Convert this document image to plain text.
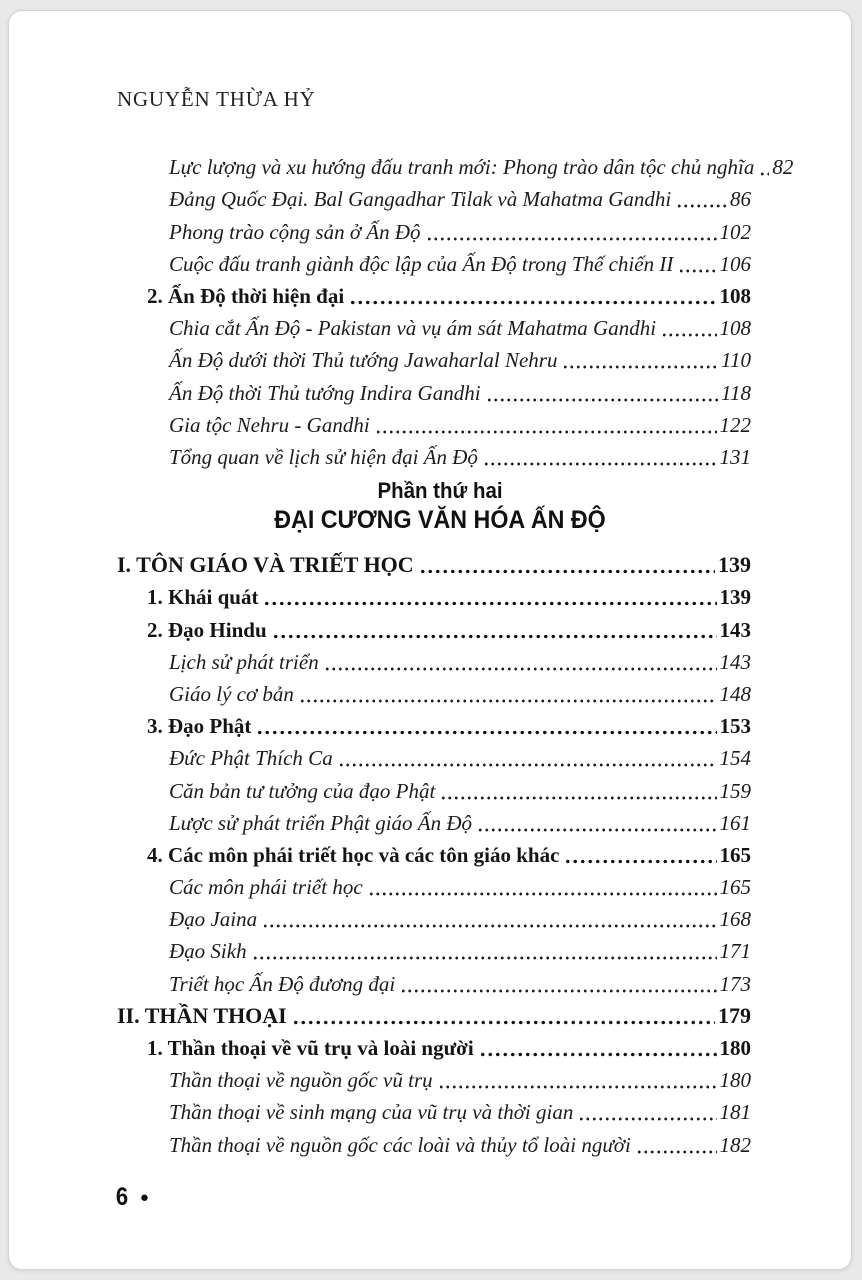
NGUYỄN THỪA HỶ
Lực lượng và xu hướng đấu tranh mới: Phong trào dân tộc chủ nghĩa 82
Đảng Quốc Đại. Bal Gangadhar Tilak và Mahatma Gandhi	86
Phong trào cộng sản ở Ấn Độ	102
Cuộc đấu tranh giành độc lập của Ấn Độ trong Thế chiến II 106
2. Ấn Độ thời hiện đại	108
Chia cắt Ấn Độ - Pakistan và vụ ám sát Mahatma Gandhi	108
Ấn Độ dưới thời Thủ tướng Jawaharlal Nehru	110
Ấn Độ thời Thủ tướng Indira Gandhi	118
Gia tộc Nehru - Gandhi	122
Tổng quan về lịch sử hiện đại Ấn Độ	131
Phần thứ hai
ĐẠI CƯƠNG VĂN HÓA ẤN ĐỘ
I. TÔN GIÁO VÀ TRIẾT HỌC	139
1. Khái quát	139
2. Đạo Hindu	143
Lịch sử phát triển	143
Giáo lý cơ bản	148
3. Đạo Phật	153
Đức Phật Thích Ca	154
Căn bản tư tưởng của đạo Phật	159
Lược sử phát triển Phật giáo Ấn Độ	161
4. Các môn phái triết học và các tôn giáo khác	165
Các môn phái triết học	165
Đạo Jaina	168
Đạo Sikh	171
Triết học Ấn Độ đương đại	173
II. THẦN THOẠI	179
1. Thần thoại về vũ trụ và loài người	180
Thần thoại về nguồn gốc vũ trụ	180
Thần thoại về sinh mạng của vũ trụ và thời gian	181
Thần thoại về nguồn gốc các loài và thủy tổ loài người	182
6 ●
